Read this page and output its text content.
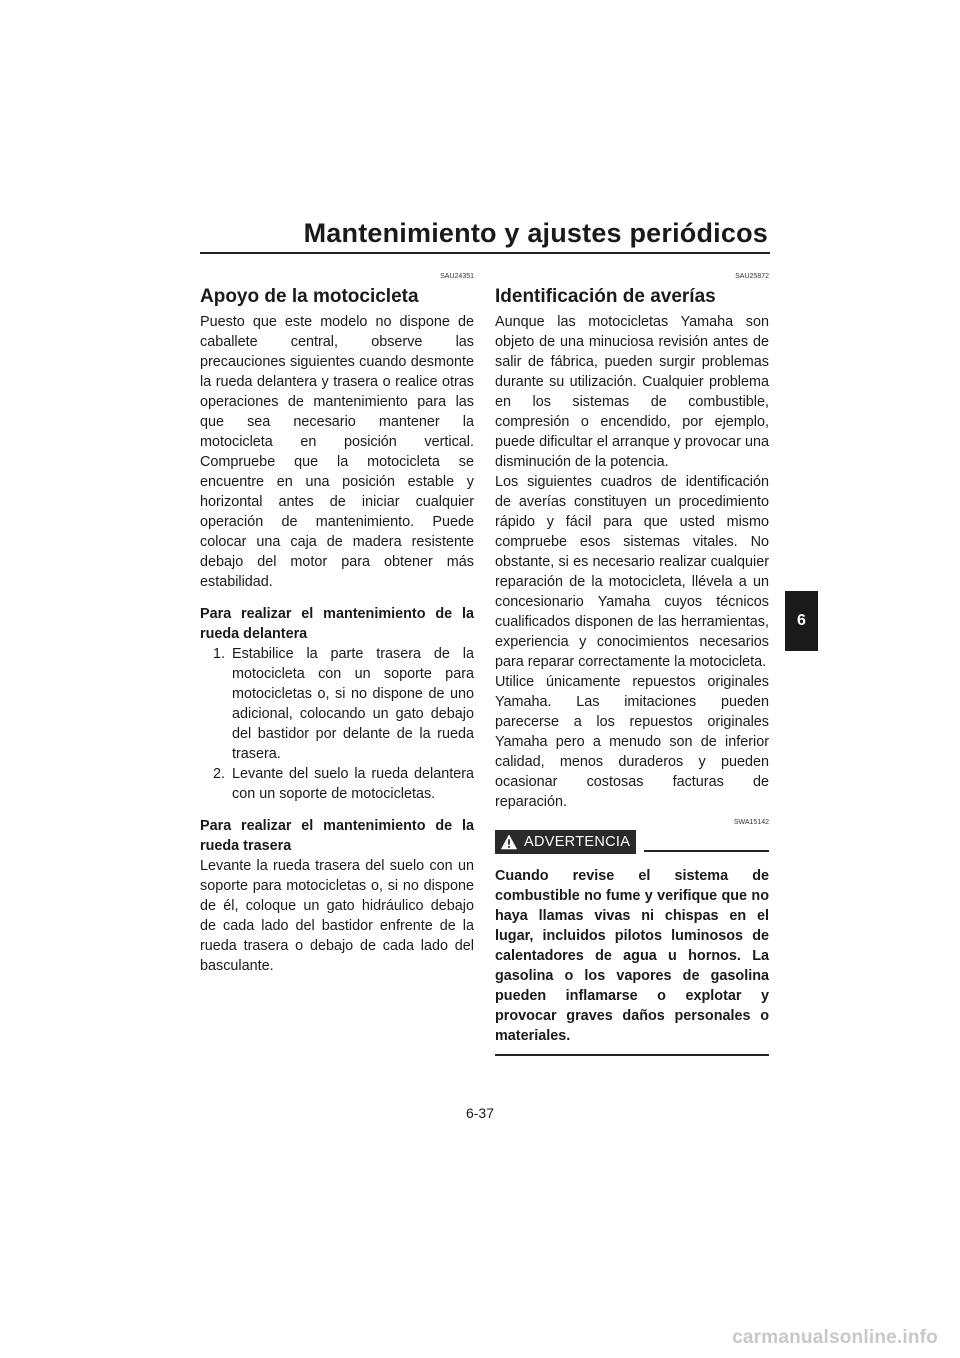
Mantenimiento y ajustes periódicos
6
SAU24351
Apoyo de la motocicleta

Puesto que este modelo no dispone de caballete central, observe las precauciones siguientes cuando desmonte la rueda delantera y trasera o realice otras operaciones de mantenimiento para las que sea necesario mantener la motocicleta en posición vertical. Compruebe que la motocicleta se encuentre en una posición estable y horizontal antes de iniciar cualquier operación de mantenimiento. Puede colocar una caja de madera resistente debajo del motor para obtener más estabilidad.

Para realizar el mantenimiento de la rueda delantera
1. Estabilice la parte trasera de la motocicleta con un soporte para motocicletas o, si no dispone de uno adicional, colocando un gato debajo del bastidor por delante de la rueda trasera.
2. Levante del suelo la rueda delantera con un soporte de motocicletas.
Para realizar el mantenimiento de la rueda trasera

Levante la rueda trasera del suelo con un soporte para motocicletas o, si no dispone de él, coloque un gato hidráulico debajo de cada lado del bastidor enfrente de la rueda trasera o debajo de cada lado del basculante.

SAU25872
Identificación de averías

Aunque las motocicletas Yamaha son objeto de una minuciosa revisión antes de salir de fábrica, pueden surgir problemas durante su utilización. Cualquier problema en los sistemas de combustible, compresión o encendido, por ejemplo, puede dificultar el arranque y provocar una disminución de la potencia.

Los siguientes cuadros de identificación de averías constituyen un procedimiento rápido y fácil para que usted mismo compruebe esos sistemas vitales. No obstante, si es necesario realizar cualquier reparación de la motocicleta, llévela a un concesionario Yamaha cuyos técnicos cualificados disponen de las herramientas, experiencia y conocimientos necesarios para reparar correctamente la motocicleta.

Utilice únicamente repuestos originales Yamaha. Las imitaciones pueden parecerse a los repuestos originales Yamaha pero a menudo son de inferior calidad, menos duraderos y pueden ocasionar costosas facturas de reparación.

SWA15142
ADVERTENCIA
Cuando revise el sistema de combustible no fume y verifique que no haya llamas vivas ni chispas en el lugar, incluidos pilotos luminosos de calentadores de agua u hornos. La gasolina o los vapores de gasolina pueden inflamarse o explotar y provocar graves daños personales o materiales.
6-37
carmanualsonline.info
